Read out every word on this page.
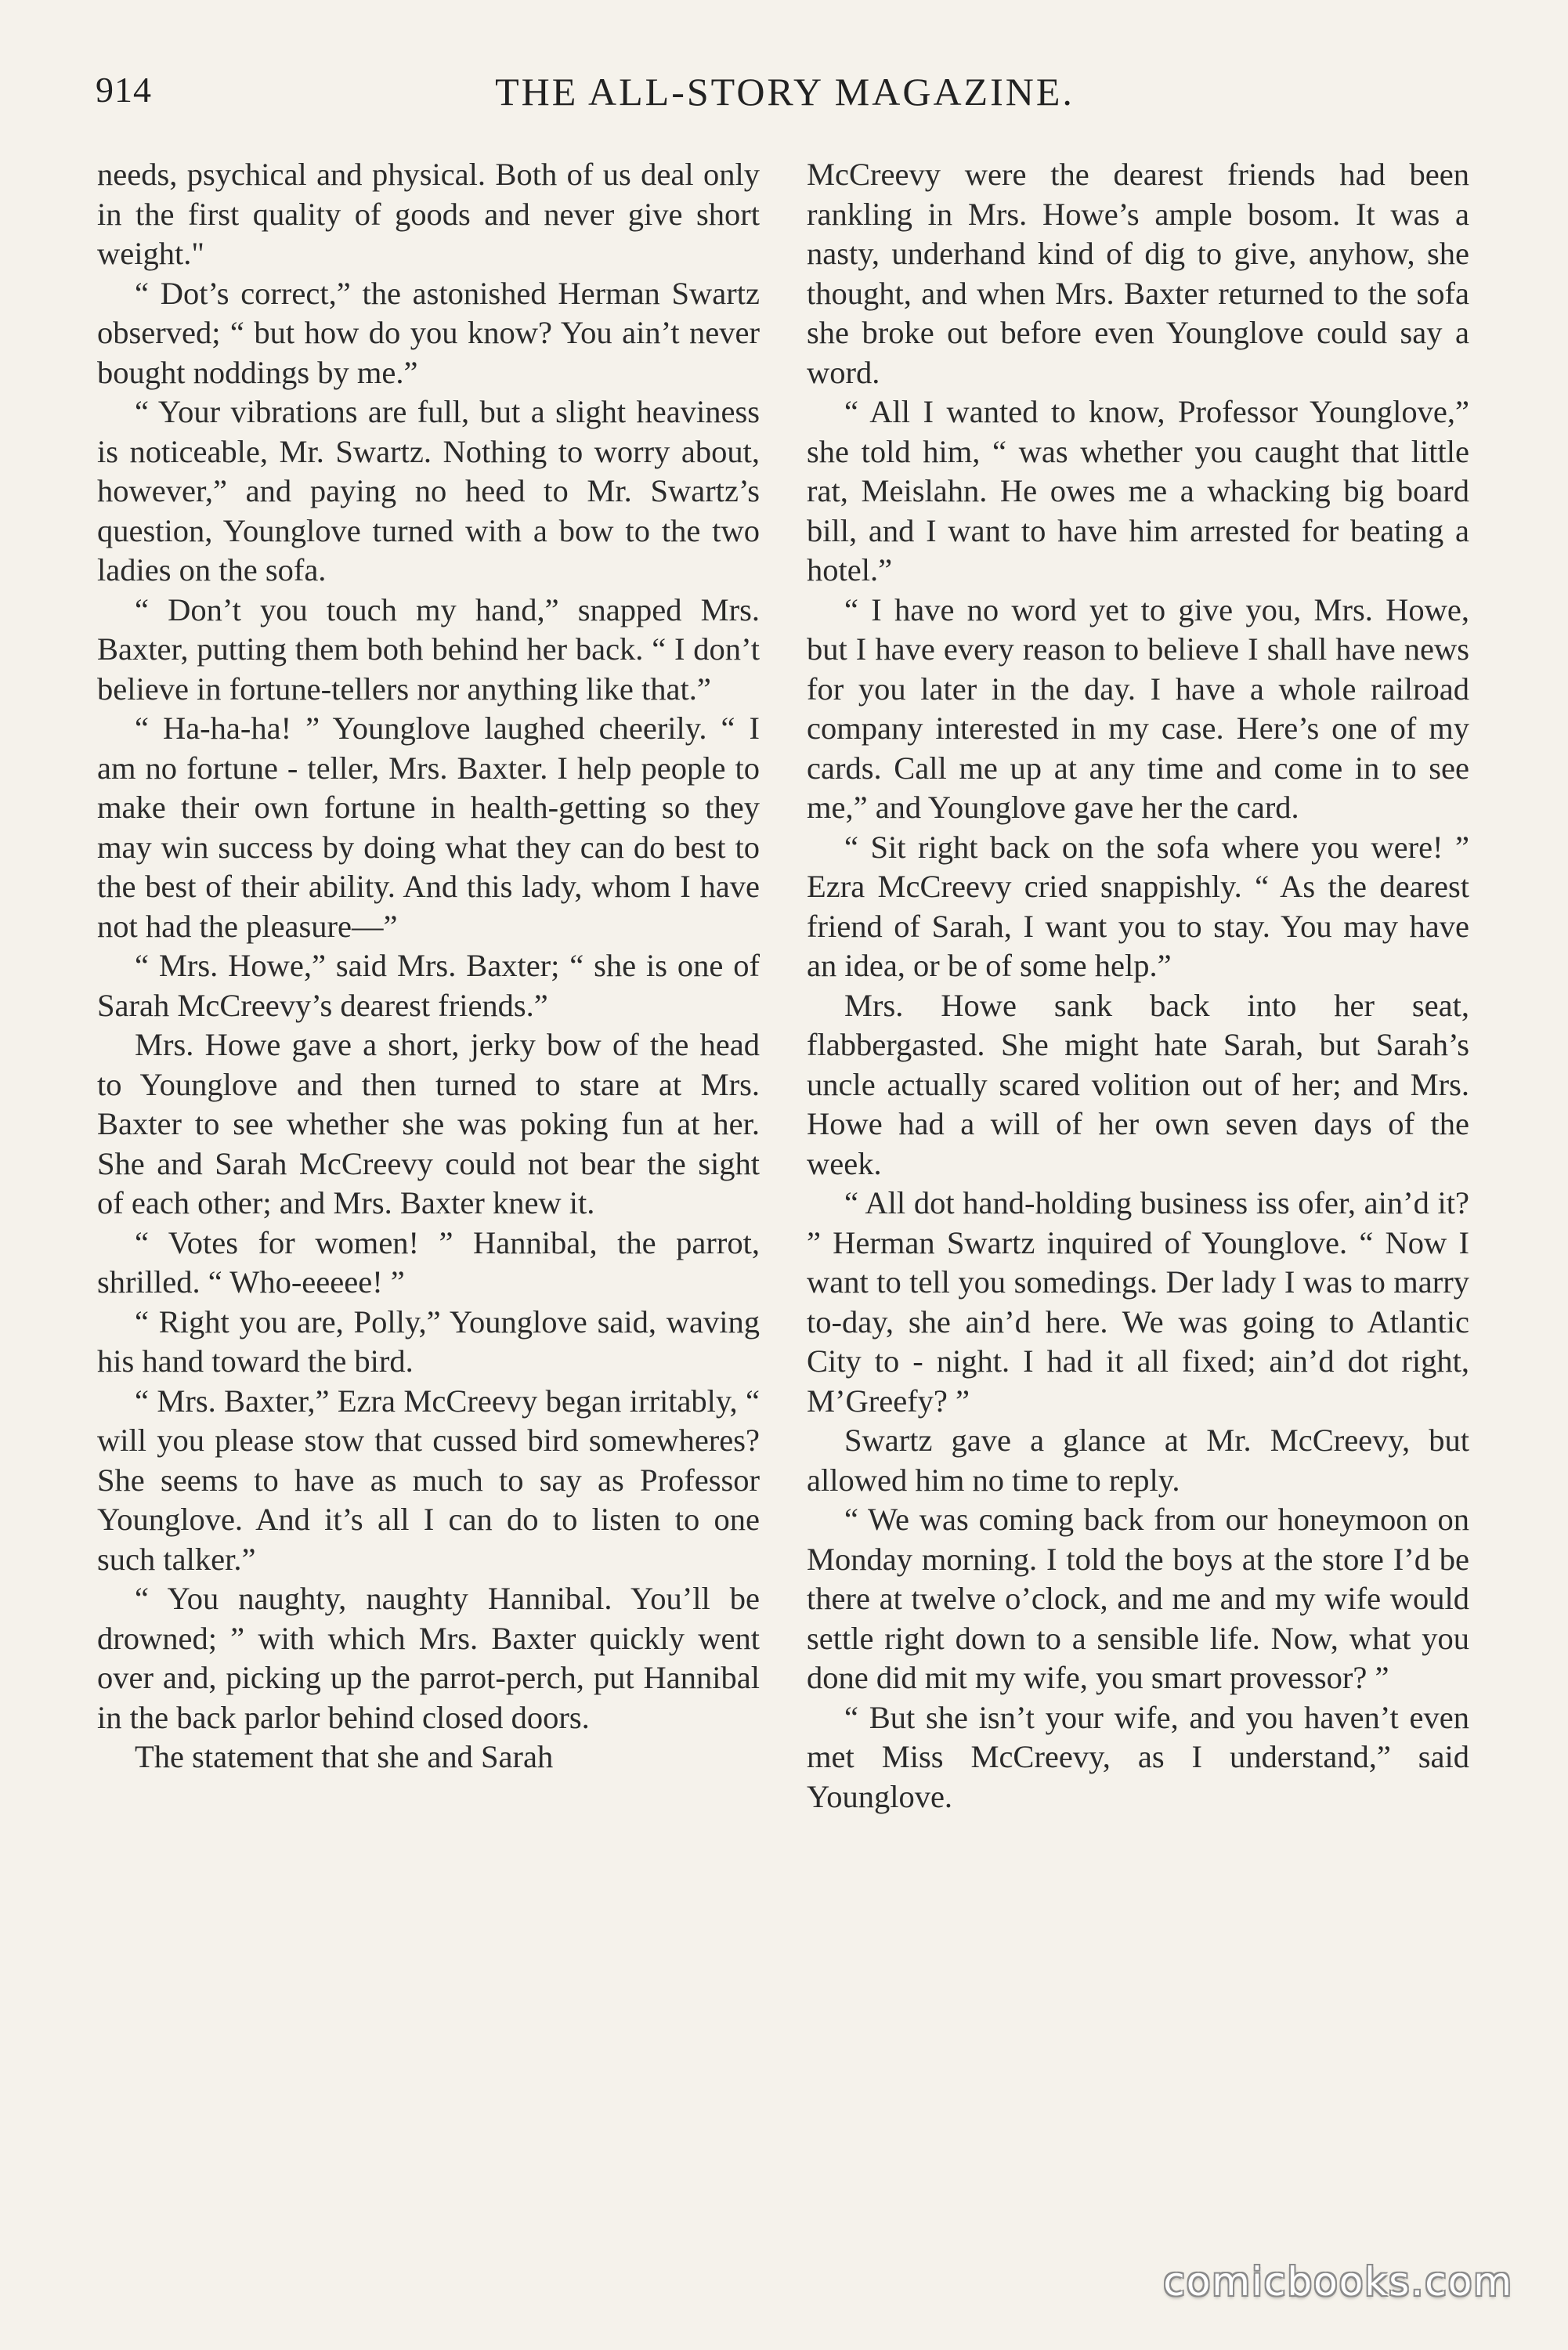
914	THE ALL-STORY MAGAZINE.

needs, psychical and physical. Both of us deal only in the first quality of goods and never give short weight."

“ Dot’s correct,” the astonished Herman Swartz observed; “ but how do you know? You ain’t never bought noddings by me.”

“ Your vibrations are full, but a slight heaviness is noticeable, Mr. Swartz. Nothing to worry about, however,” and paying no heed to Mr. Swartz’s question, Younglove turned with a bow to the two ladies on the sofa.

“ Don’t you touch my hand,” snapped Mrs. Baxter, putting them both behind her back. “ I don’t believe in fortune-tellers nor anything like that.”

“ Ha-ha-ha! ” Younglove laughed cheerily. “ I am no fortune - teller, Mrs. Baxter. I help people to make their own fortune in health-getting so they may win success by doing what they can do best to the best of their ability. And this lady, whom I have not had the pleasure—”

“ Mrs. Howe,” said Mrs. Baxter; “ she is one of Sarah McCreevy’s dearest friends.”

Mrs. Howe gave a short, jerky bow of the head to Younglove and then turned to stare at Mrs. Baxter to see whether she was poking fun at her. She and Sarah McCreevy could not bear the sight of each other; and Mrs. Baxter knew it.

“ Votes for women! ” Hannibal, the parrot, shrilled. “ Who-eeeee! ”

“ Right you are, Polly,” Younglove said, waving his hand toward the bird.

“ Mrs. Baxter,” Ezra McCreevy began irritably, “ will you please stow that cussed bird somewheres? She seems to have as much to say as Professor Younglove. And it’s all I can do to listen to one such talker.”

“ You naughty, naughty Hannibal. You’ll be drowned; ” with which Mrs. Baxter quickly went over and, picking up the parrot-perch, put Hannibal in the back parlor behind closed doors.

The statement that she and Sarah

McCreevy were the dearest friends had been rankling in Mrs. Howe’s ample bosom. It was a nasty, underhand kind of dig to give, anyhow, she thought, and when Mrs. Baxter returned to the sofa she broke out before even Younglove could say a word.

“ All I wanted to know, Professor Younglove,” she told him, “ was whether you caught that little rat, Meislahn. He owes me a whacking big board bill, and I want to have him arrested for beating a hotel.”

“ I have no word yet to give you, Mrs. Howe, but I have every reason to believe I shall have news for you later in the day. I have a whole railroad company interested in my case. Here’s one of my cards. Call me up at any time and come in to see me,” and Younglove gave her the card.

“ Sit right back on the sofa where you were! ” Ezra McCreevy cried snappishly. “ As the dearest friend of Sarah, I want you to stay. You may have an idea, or be of some help.”

Mrs. Howe sank back into her seat, flabbergasted. She might hate Sarah, but Sarah’s uncle actually scared volition out of her; and Mrs. Howe had a will of her own seven days of the week.

“ All dot hand-holding business iss ofer, ain’d it? ” Herman Swartz inquired of Younglove. “ Now I want to tell you somedings. Der lady I was to marry to-day, she ain’d here. We was going to Atlantic City to - night. I had it all fixed; ain’d dot right, M’Greefy? ”

Swartz gave a glance at Mr. McCreevy, but allowed him no time to reply.

“ We was coming back from our honeymoon on Monday morning. I told the boys at the store I’d be there at twelve o’clock, and me and my wife would settle right down to a sensible life. Now, what you done did mit my wife, you smart provessor? ”

“ But she isn’t your wife, and you haven’t even met Miss McCreevy, as I understand,” said Younglove.

comicbooks.com
